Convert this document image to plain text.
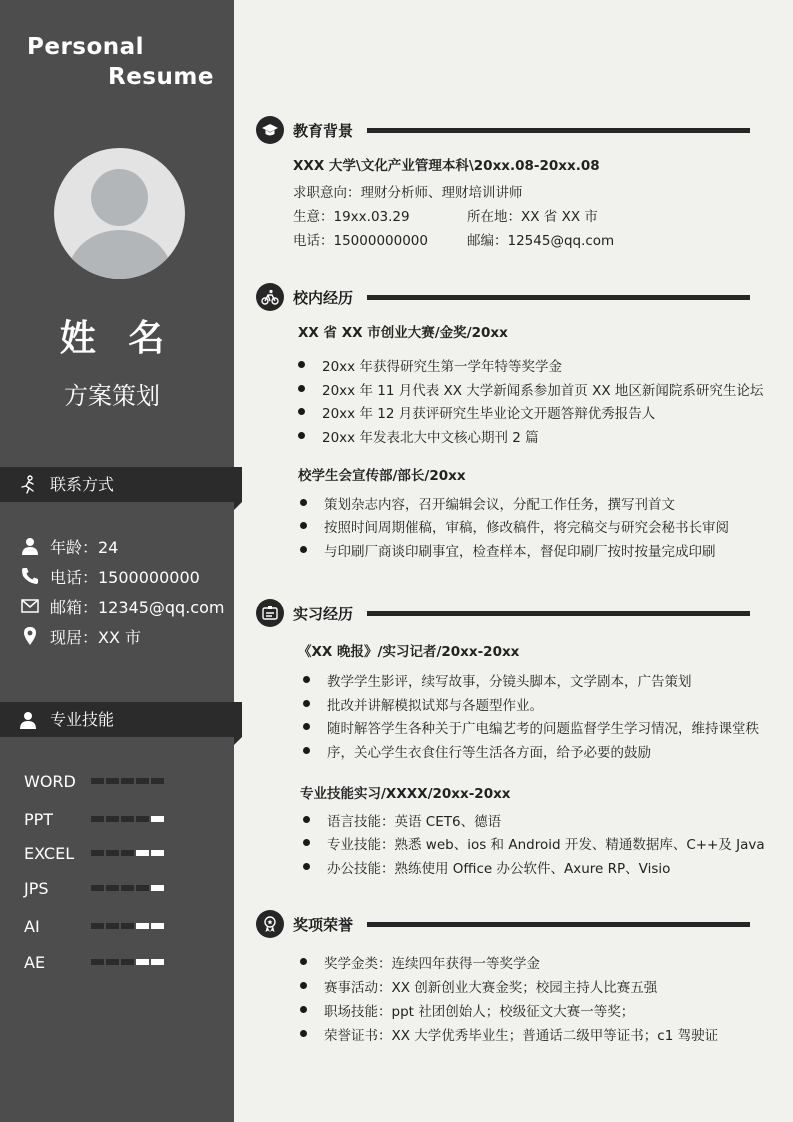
Personal
Resume
姓 名
方案策划
联系方式
年龄：24
电话：1500000000
邮箱：12345@qq.com
现居：XX 市
专业技能
WORD
PPT
EXCEL
JPS
AI
AE
教育背景
XXX 大学\文化产业管理本科\20xx.08-20xx.08
求职意向：理财分析师、理财培训讲师
生意：19xx.03.29	所在地：XX 省 XX 市
电话：15000000000	邮编：12545@qq.com
校内经历
XX 省 XX 市创业大赛/金奖/20xx
20xx 年获得研究生第一学年特等奖学金
20xx 年 11 月代表 XX 大学新闻系参加首页 XX 地区新闻院系研究生论坛
20xx 年 12 月获评研究生毕业论文开题答辩优秀报告人
20xx 年发表北大中文核心期刊 2 篇
校学生会宣传部/部长/20xx
策划杂志内容，召开编辑会议，分配工作任务，撰写刊首文
按照时间周期催稿，审稿，修改稿件，将完稿交与研究会秘书长审阅
与印刷厂商谈印刷事宜，检查样本，督促印刷厂按时按量完成印刷
实习经历
《XX 晚报》/实习记者/20xx-20xx
教学学生影评，续写故事，分镜头脚本，文学剧本，广告策划
批改并讲解模拟试郑与各题型作业。
随时解答学生各种关于广电编艺考的问题监督学生学习情况，维持课堂秩
序，关心学生衣食住行等生活各方面，给予必要的鼓励
专业技能实习/XXXX/20xx-20xx
语言技能：英语 CET6、德语
专业技能：熟悉 web、ios 和 Android 开发、精通数据库、C++及 Java
办公技能：熟练使用 Office 办公软件、Axure RP、Visio
奖项荣誉
奖学金类：连续四年获得一等奖学金
赛事活动：XX 创新创业大赛金奖；校园主持人比赛五强
职场技能：ppt 社团创始人；校级征文大赛一等奖；
荣誉证书：XX 大学优秀毕业生；普通话二级甲等证书；c1 驾驶证
